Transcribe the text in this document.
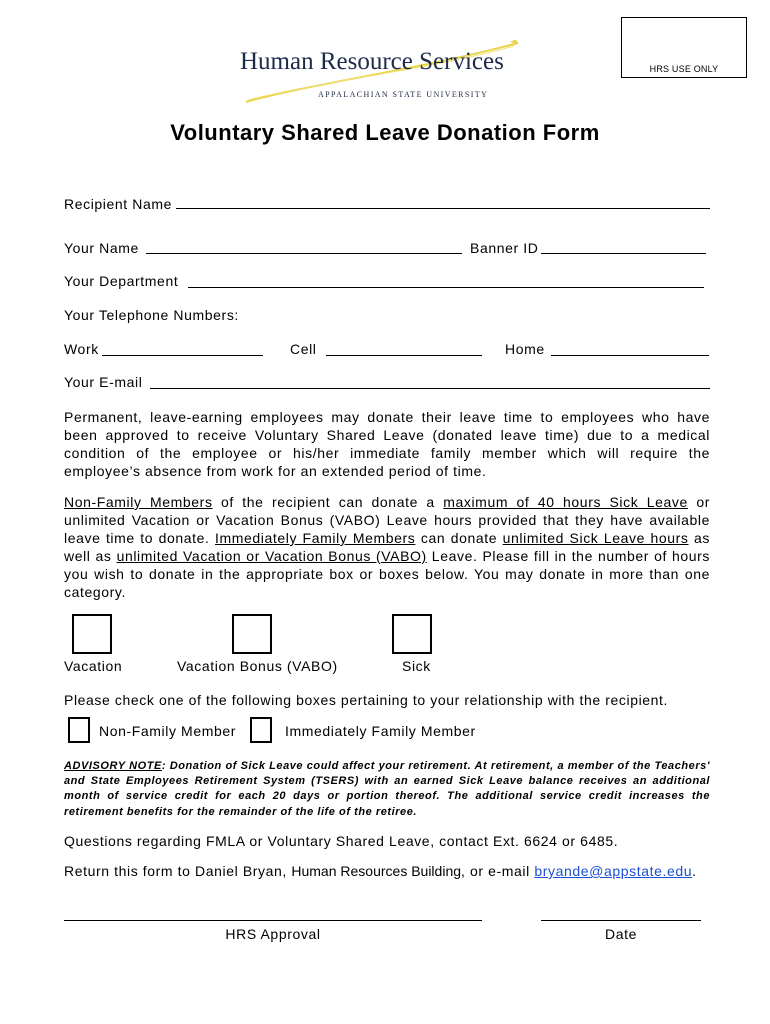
HRS USE ONLY
Human Resource Services
APPALACHIAN STATE UNIVERSITY
Voluntary Shared Leave Donation Form
Recipient Name
Your Name	Banner ID
Your Department
Your Telephone Numbers:
Work	Cell	Home
Your E-mail
Permanent, leave-earning employees may donate their leave time to employees who have been approved to receive Voluntary Shared Leave (donated leave time) due to a medical condition of the employee or his/her immediate family member which will require the employee’s absence from work for an extended period of time.
Non-Family Members of the recipient can donate a maximum of 40 hours Sick Leave or unlimited Vacation or Vacation Bonus (VABO) Leave hours provided that they have available leave time to donate. Immediately Family Members can donate unlimited Sick Leave hours as well as unlimited Vacation or Vacation Bonus (VABO) Leave. Please fill in the number of hours you wish to donate in the appropriate box or boxes below. You may donate in more than one category.
Vacation	Vacation Bonus (VABO)	Sick
Please check one of the following boxes pertaining to your relationship with the recipient.
Non-Family Member	Immediately Family Member
ADVISORY NOTE: Donation of Sick Leave could affect your retirement. At retirement, a member of the Teachers' and State Employees Retirement System (TSERS) with an earned Sick Leave balance receives an additional month of service credit for each 20 days or portion thereof. The additional service credit increases the retirement benefits for the remainder of the life of the retiree.
Questions regarding FMLA or Voluntary Shared Leave, contact Ext. 6624 or 6485.
Return this form to Daniel Bryan, Human Resources Building, or e-mail bryande@appstate.edu.
HRS Approval	Date
